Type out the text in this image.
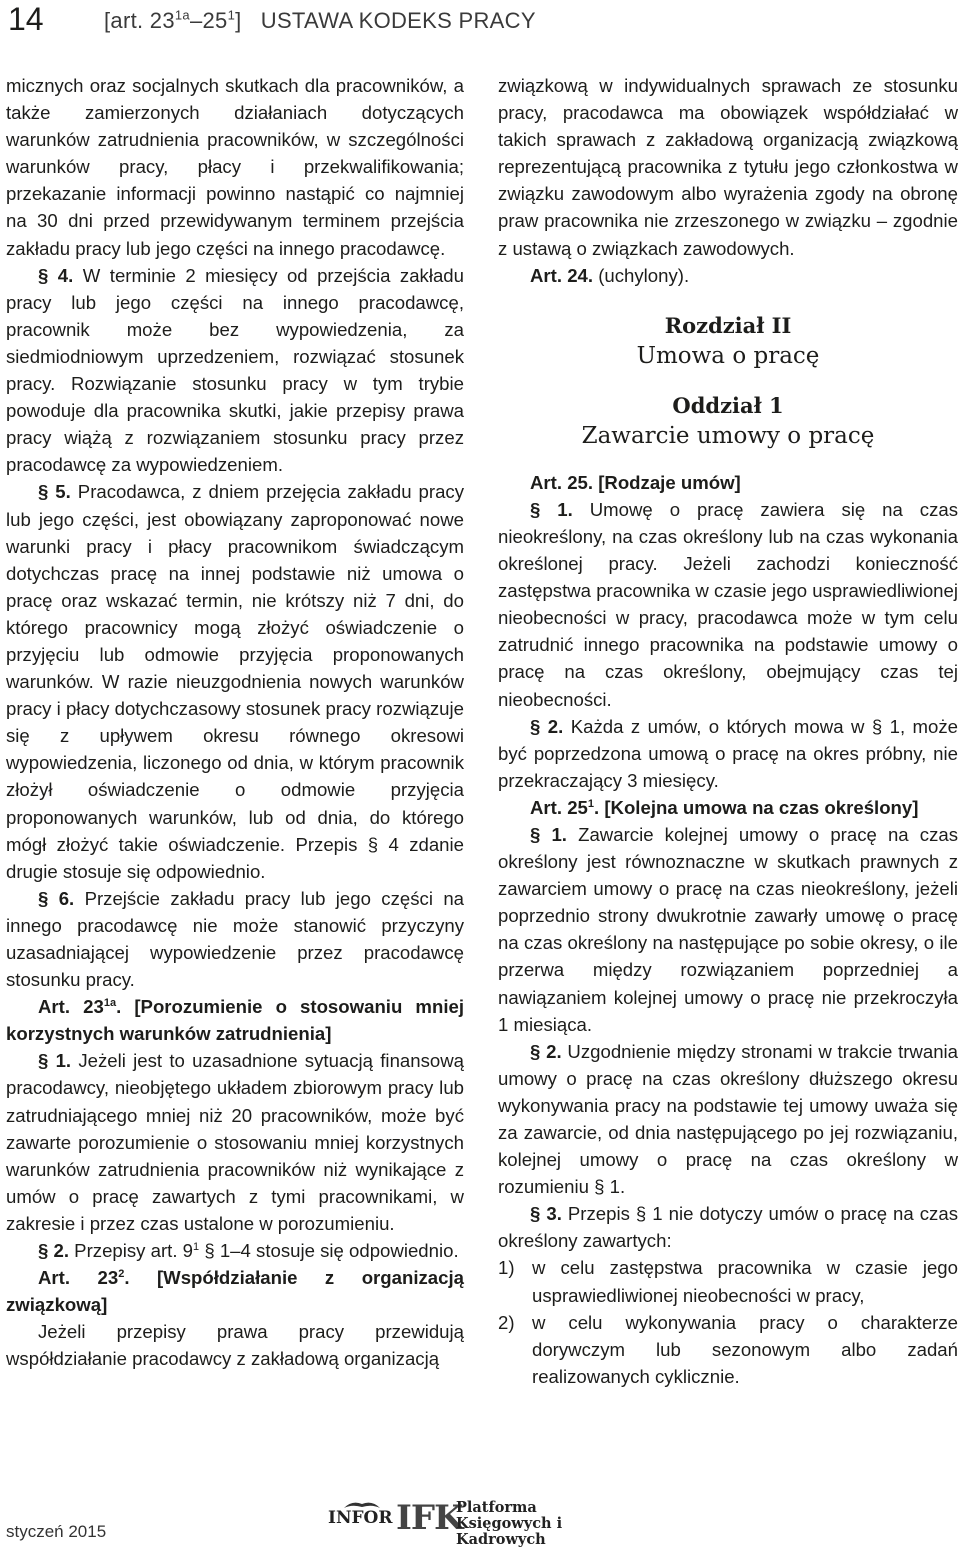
14	[art. $23^{1a}-25^1$] USTAWA KODEKS PRACY

micznych oraz socjalnych skutkach dla pracowników, a także zamierzonych działaniach dotyczących warunków zatrudnienia pracowników, w szczególności warunków pracy, płacy i przekwalifikowania; przekazanie informacji powinno nastąpić co najmniej na 30 dni przed przewidywanym terminem przejścia zakładu pracy lub jego części na innego pracodawcę.

§ 4. W terminie 2 miesięcy od przejścia zakładu pracy lub jego części na innego pracodawcę, pracownik może bez wypowiedzenia, za siedmiodniowym uprzedzeniem, rozwiązać stosunek pracy. Rozwiązanie stosunku pracy w tym trybie powoduje dla pracownika skutki, jakie przepisy prawa pracy wiążą z rozwiązaniem stosunku pracy przez pracodawcę za wypowiedzeniem.

§ 5. Pracodawca, z dniem przejęcia zakładu pracy lub jego części, jest obowiązany zaproponować nowe warunki pracy i płacy pracownikom świadczącym dotychczas pracę na innej podstawie niż umowa o pracę oraz wskazać termin, nie krótszy niż 7 dni, do którego pracownicy mogą złożyć oświadczenie o przyjęciu lub odmowie przyjęcia proponowanych warunków. W razie nieuzgodnienia nowych warunków pracy i płacy dotychczasowy stosunek pracy rozwiązuje się z upływem okresu równego okresowi wypowiedzenia, liczonego od dnia, w którym pracownik złożył oświadczenie o odmowie przyjęcia proponowanych warunków, lub od dnia, do którego mógł złożyć takie oświadczenie. Przepis § 4 zdanie drugie stosuje się odpowiednio.

§ 6. Przejście zakładu pracy lub jego części na innego pracodawcę nie może stanowić przyczyny uzasadniającej wypowiedzenie przez pracodawcę stosunku pracy.

Art. $23^{1a}$. [Porozumienie o stosowaniu mniej korzystnych warunków zatrudnienia]

§ 1. Jeżeli jest to uzasadnione sytuacją finansową pracodawcy, nieobjętego układem zbiorowym pracy lub zatrudniającego mniej niż 20 pracowników, może być zawarte porozumienie o stosowaniu mniej korzystnych warunków zatrudnienia pracowników niż wynikające z umów o pracę zawartych z tymi pracownikami, w zakresie i przez czas ustalone w porozumieniu.

§ 2. Przepisy art. $9^1$ § 1–4 stosuje się odpowiednio.

Art. $23^2$. [Współdziałanie z organizacją związkową]

Jeżeli przepisy prawa pracy przewidują współdziałanie pracodawcy z zakładową organizacją

związkową w indywidualnych sprawach ze stosunku pracy, pracodawca ma obowiązek współdziałać w takich sprawach z zakładową organizacją związkową reprezentującą pracownika z tytułu jego członkostwa w związku zawodowym albo wyrażenia zgody na obronę praw pracownika nie zrzeszonego w związku – zgodnie z ustawą o związkach zawodowych.

Art. 24. (uchylony).

Rozdział II
Umowa o pracę
Oddział 1
Zawarcie umowy o pracę

Art. 25. [Rodzaje umów]

§ 1. Umowę o pracę zawiera się na czas nieokreślony, na czas określony lub na czas wykonania określonej pracy. Jeżeli zachodzi konieczność zastępstwa pracownika w czasie jego usprawiedliwionej nieobecności w pracy, pracodawca może w tym celu zatrudnić innego pracownika na podstawie umowy o pracę na czas określony, obejmujący czas tej nieobecności.

§ 2. Każda z umów, o których mowa w § 1, może być poprzedzona umową o pracę na okres próbny, nie przekraczający 3 miesięcy.

Art. $25^1$. [Kolejna umowa na czas określony]

§ 1. Zawarcie kolejnej umowy o pracę na czas określony jest równoznaczne w skutkach prawnych z zawarciem umowy o pracę na czas nieokreślony, jeżeli poprzednio strony dwukrotnie zawarły umowę o pracę na czas określony na następujące po sobie okresy, o ile przerwa między rozwiązaniem poprzedniej a nawiązaniem kolejnej umowy o pracę nie przekroczyła 1 miesiąca.

§ 2. Uzgodnienie między stronami w trakcie trwania umowy o pracę na czas określony dłuższego okresu wykonywania pracy na podstawie tej umowy uważa się za zawarcie, od dnia następującego po jej rozwiązaniu, kolejnej umowy o pracę na czas określony w rozumieniu § 1.

§ 3. Przepis § 1 nie dotyczy umów o pracę na czas określony zawartych:

1) w celu zastępstwa pracownika w czasie jego usprawiedliwionej nieobecności w pracy,
2) w celu wykonywania pracy o charakterze dorywczym lub sezonowym albo zadań realizowanych cyklicznie.
styczeń 2015
INFOR IFK
Platforma
Księgowych i Kadrowych
